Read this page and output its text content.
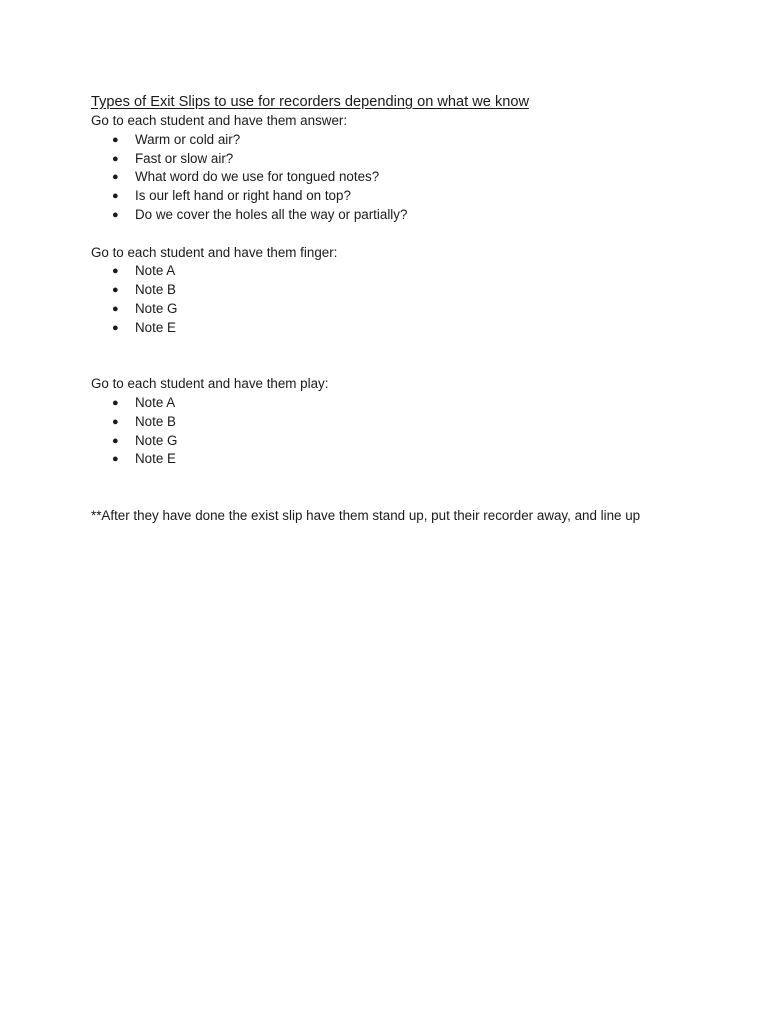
Types of Exit Slips to use for recorders depending on what we know
Go to each student and have them answer:
● Warm or cold air?
● Fast or slow air?
● What word do we use for tongued notes?
● Is our left hand or right hand on top?
● Do we cover the holes all the way or partially?
Go to each student and have them finger:
● Note A
● Note B
● Note G
● Note E
Go to each student and have them play:
● Note A
● Note B
● Note G
● Note E
**After they have done the exist slip have them stand up, put their recorder away, and line up
